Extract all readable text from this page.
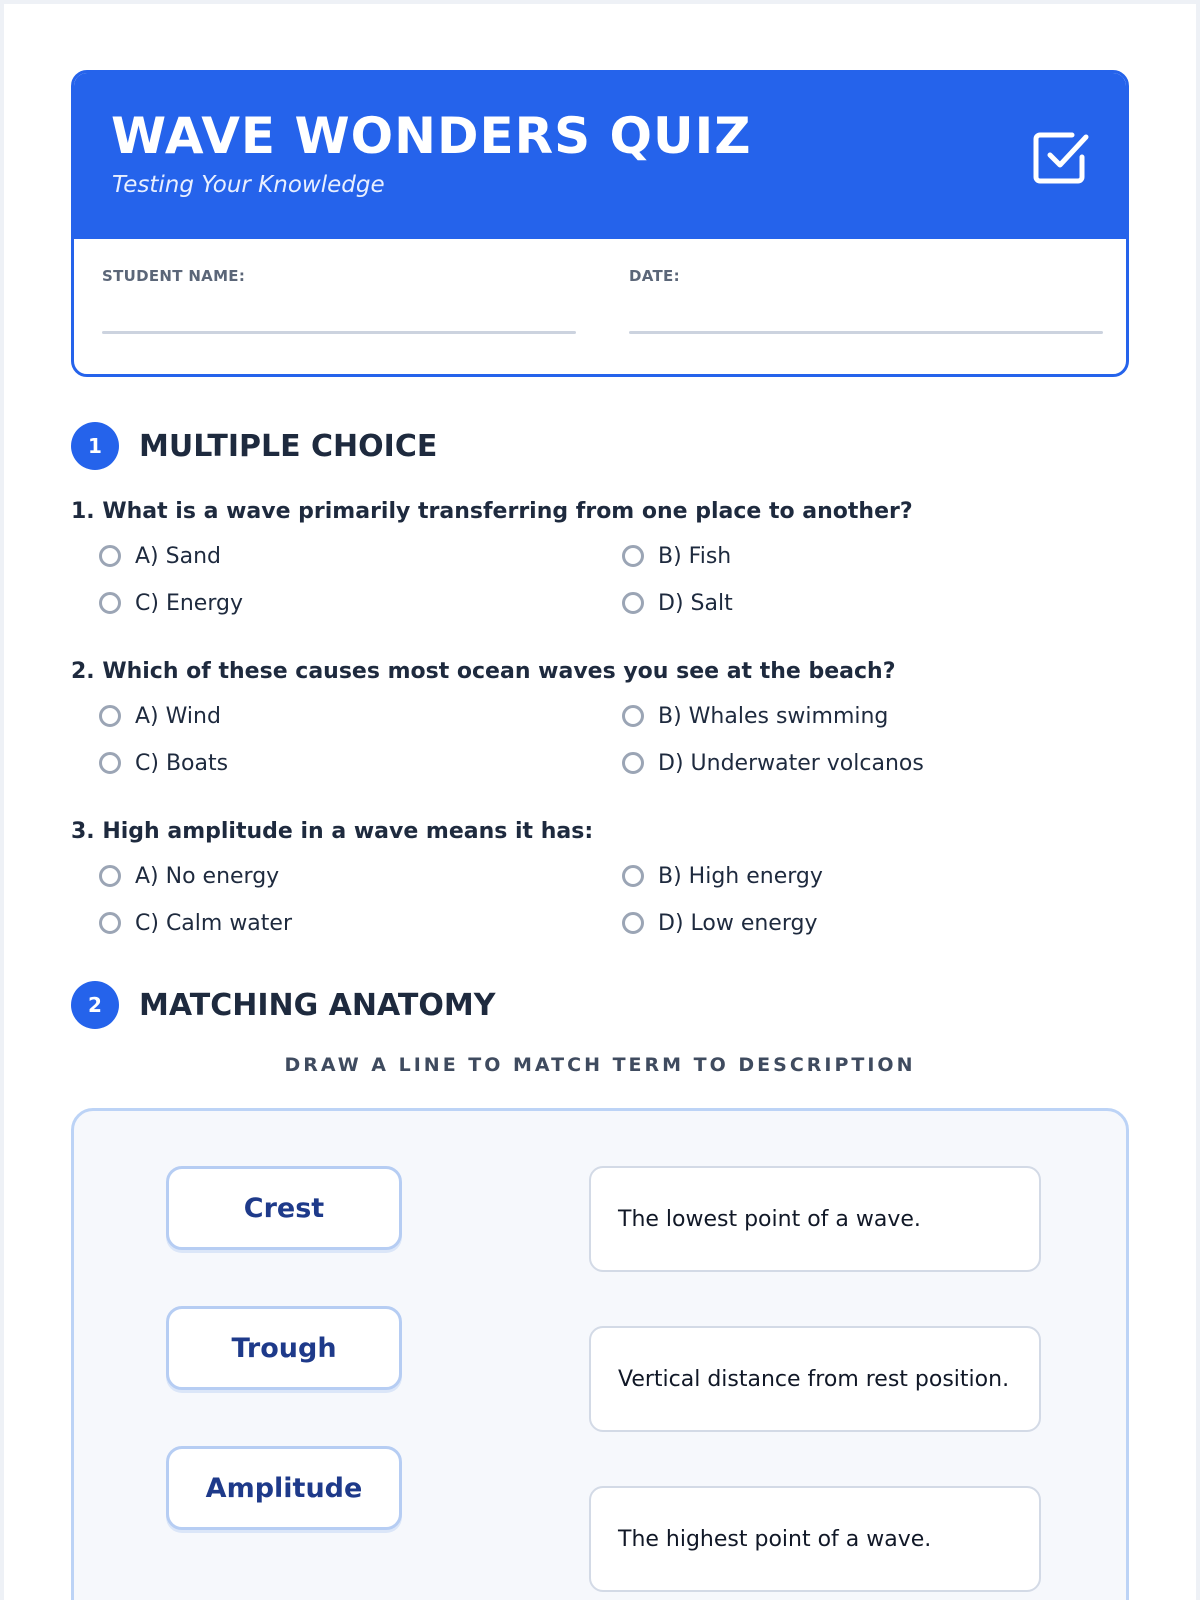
WAVE WONDERS QUIZ
Testing Your Knowledge
STUDENT NAME:	DATE:
1	MULTIPLE CHOICE
1. What is a wave primarily transferring from one place to another?
A) Sand	B) Fish
C) Energy	D) Salt
2. Which of these causes most ocean waves you see at the beach?
A) Wind	B) Whales swimming
C) Boats	D) Underwater volcanos
3. High amplitude in a wave means it has:
A) No energy	B) High energy
C) Calm water	D) Low energy
2	MATCHING ANATOMY
DRAW A LINE TO MATCH TERM TO DESCRIPTION
Crest
Trough
Amplitude
The lowest point of a wave.
Vertical distance from rest position.
The highest point of a wave.
